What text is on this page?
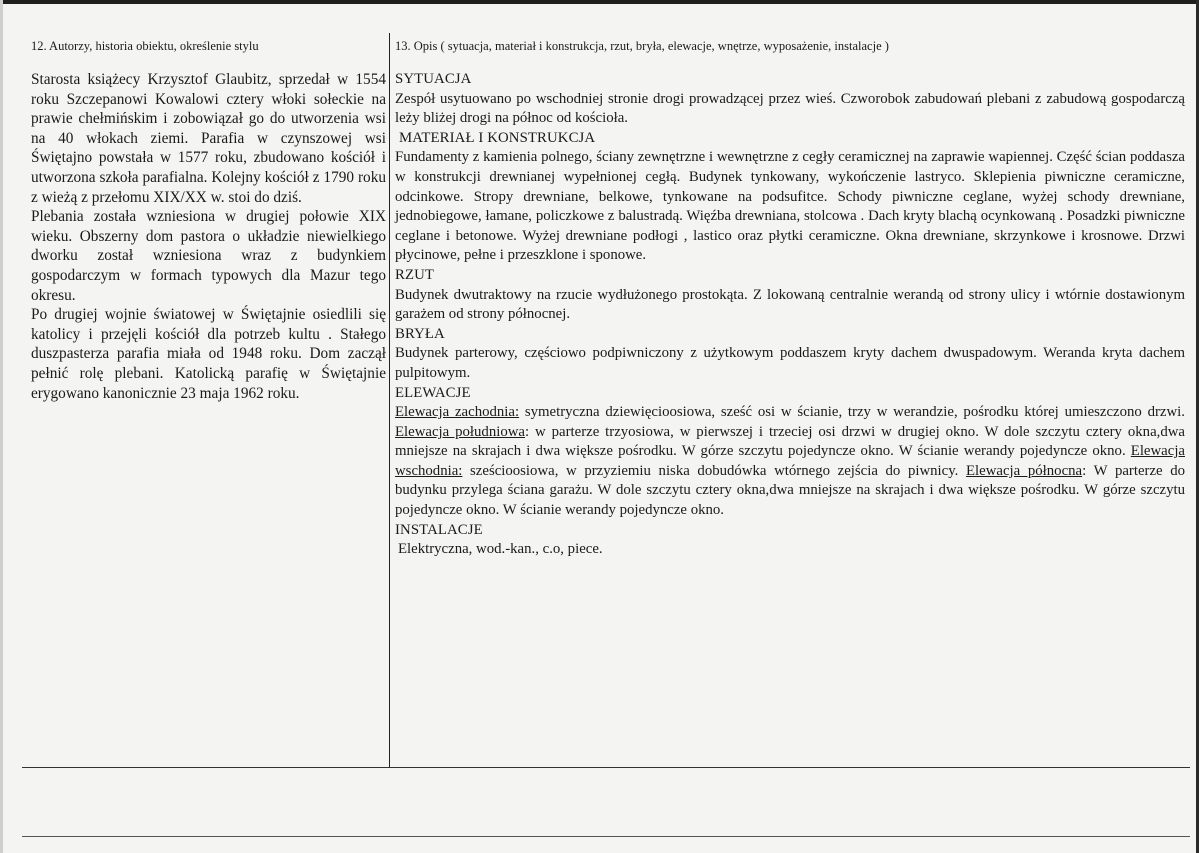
12. Autorzy, historia obiektu, określenie stylu

Starosta książecy Krzysztof Glaubitz, sprzedał w 1554 roku Szczepanowi Kowalowi cztery włoki sołeckie na prawie chełmińskim i zobowiązał go do utworzenia wsi na 40 włokach ziemi. Parafia w czynszowej wsi Świętajno powstała w 1577 roku, zbudowano kościół i utworzona szkoła parafialna. Kolejny kościół z 1790 roku z wieżą z przełomu XIX/XX w. stoi do dziś.

Plebania została wzniesiona w drugiej połowie XIX wieku. Obszerny dom pastora o układzie niewielkiego dworku został wzniesiona wraz z budynkiem gospodarczym w formach typowych dla Mazur tego okresu.

Po drugiej wojnie światowej w Świętajnie osiedlili się katolicy i przejęli kościół dla potrzeb kultu . Stałego duszpasterza parafia miała od 1948 roku. Dom zaczął pełnić rolę plebani. Katolicką parafię w Świętajnie erygowano kanonicznie 23 maja 1962 roku.

13. Opis ( sytuacja, materiał i konstrukcja, rzut, bryła, elewacje, wnętrze, wyposażenie, instalacje )
SYTUACJA

Zespół usytuowano po wschodniej stronie drogi prowadzącej przez wieś. Czworobok zabudowań plebani z zabudową gospodarczą leży bliżej drogi na północ od kościoła.

MATERIAŁ I KONSTRUKCJA

Fundamenty z kamienia polnego, ściany zewnętrzne i wewnętrzne z cegły ceramicznej na zaprawie wapiennej. Część ścian poddasza w konstrukcji drewnianej wypełnionej cegłą. Budynek tynkowany, wykończenie lastryco. Sklepienia piwniczne ceramiczne, odcinkowe. Stropy drewniane, belkowe, tynkowane na podsufitce. Schody piwniczne ceglane, wyżej schody drewniane, jednobiegowe, łamane, policzkowe z balustradą. Więźba drewniana, stolcowa . Dach kryty blachą ocynkowaną . Posadzki piwniczne ceglane i betonowe. Wyżej drewniane podłogi , lastico oraz płytki ceramiczne. Okna drewniane, skrzynkowe i krosnowe. Drzwi płycinowe, pełne i przeszklone i sponowe.

RZUT

Budynek dwutraktowy na rzucie wydłużonego prostokąta. Z lokowaną centralnie werandą od strony ulicy i wtórnie dostawionym garażem od strony północnej.

BRYŁA

Budynek parterowy, częściowo podpiwniczony z użytkowym poddaszem kryty dachem dwuspadowym. Weranda kryta dachem pulpitowym.

ELEWACJE

Elewacja zachodnia: symetryczna dziewięcioosiowa, sześć osi w ścianie, trzy w werandzie, pośrodku której umieszczono drzwi. Elewacja południowa: w parterze trzyosiowa, w pierwszej i trzeciej osi drzwi w drugiej okno. W dole szczytu cztery okna,dwa mniejsze na skrajach i dwa większe pośrodku. W górze szczytu pojedyncze okno. W ścianie werandy pojedyncze okno. Elewacja wschodnia: sześcioosiowa, w przyziemiu niska dobudówka wtórnego zejścia do piwnicy. Elewacja północna: W parterze do budynku przylega ściana garażu. W dole szczytu cztery okna,dwa mniejsze na skrajach i dwa większe pośrodku. W górze szczytu pojedyncze okno. W ścianie werandy pojedyncze okno.

INSTALACJE

Elektryczna, wod.-kan., c.o, piece.
